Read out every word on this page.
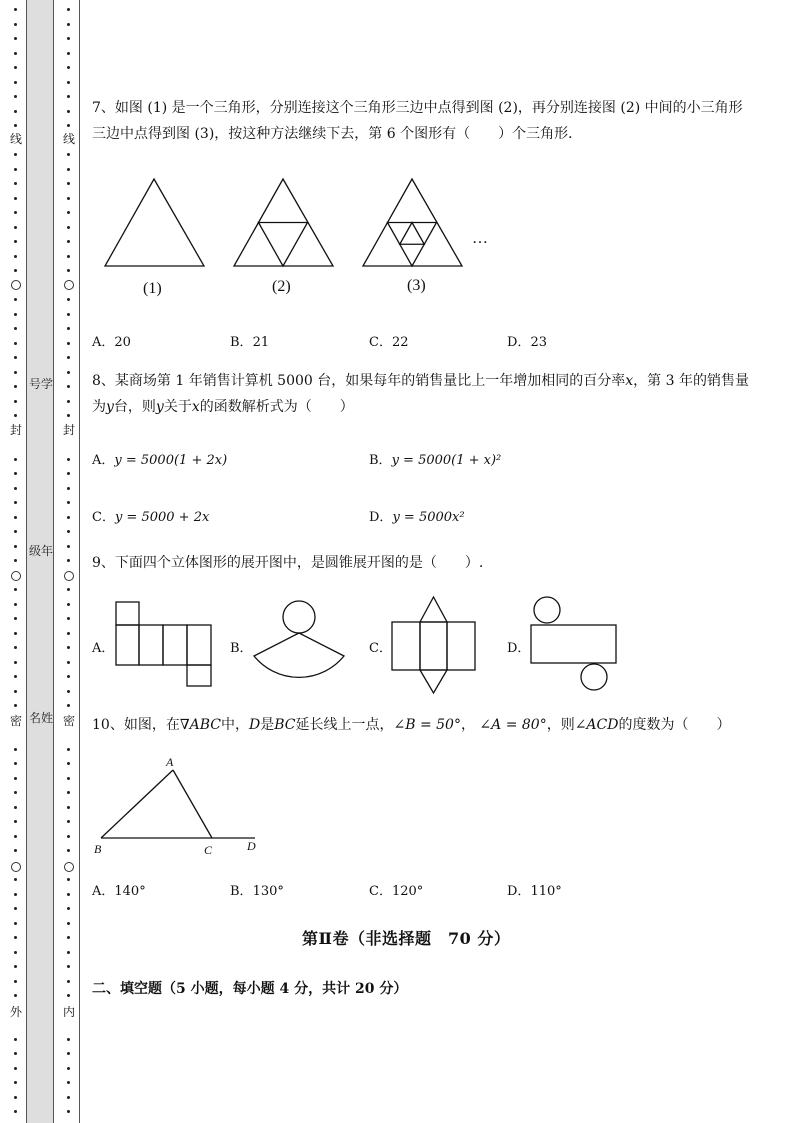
线
封
密
外
号学
级年
名姓
线
封
密
内
7、如图 (1) 是一个三角形，分别连接这个三角形三边中点得到图 (2)，再分别连接图 (2) 中间的小三角形三边中点得到图 (3)，按这种方法继续下去，第 6 个图形有（　　）个三角形．
…
(1)	(2)	(3)
A．20	B．21	C．22	D．23
8、某商场第 1 年销售计算机 5000 台，如果每年的销售量比上一年增加相同的百分率x，第 3 年的销售量为y台，则y关于x的函数解析式为（　　）
A．y = 5000(1 + 2x)	B．y = 5000(1 + x)²
C．y = 5000 + 2x	D．y = 5000x²
9、下面四个立体图形的展开图中，是圆锥展开图的是（　　）.
A．	B．	C．	D．
10、如图，在∇ABC中，D是BC延长线上一点，∠B = 50°， ∠A = 80°，则∠ACD的度数为（　　）
A
B	C	D
A．140°	B．130°	C．120°	D．110°
第Ⅱ卷（非选择题　70 分）
二、填空题（5 小题，每小题 4 分，共计 20 分）
